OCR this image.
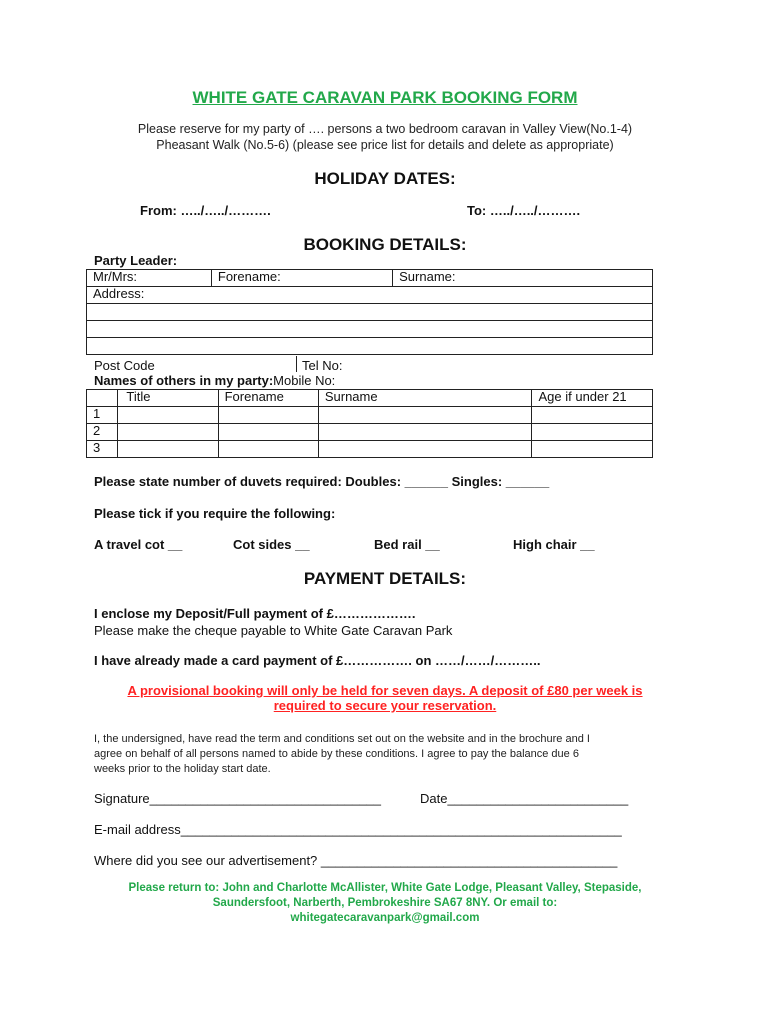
WHITE GATE CARAVAN PARK BOOKING FORM
Please reserve for my party of …. persons a two bedroom caravan in Valley View(No.1-4)
Pheasant Walk (No.5-6) (please see price list for details and delete as appropriate)
HOLIDAY DATES:
From: …../…../……….	To: …../…../……….
BOOKING DETAILS:
Party Leader:
Mr/Mrs:	Forename:	Surname:
Address:

Post Code	Tel No:
Names of others in my party:Mobile No:
	Title	Forename	Surname	Age if under 21
1				
2				
3				
Please state number of duvets required: Doubles: ______ Singles: ______
Please tick if you require the following:
A travel cot __	Cot sides __	Bed rail __	High chair __
PAYMENT DETAILS:
I enclose my Deposit/Full payment of £……………….
Please make the cheque payable to White Gate Caravan Park
I have already made a card payment of £……………. on ……/……/………..
A provisional booking will only be held for seven days. A deposit of £80 per week is
required to secure your reservation.
I, the undersigned, have read the term and conditions set out on the website and in the brochure and I
agree on behalf of all persons named to abide by these conditions. I agree to pay the balance due 6
weeks prior to the holiday start date.
Signature________________________________	Date_________________________
E-mail address_____________________________________________________________
Where did you see our advertisement? _________________________________________
Please return to: John and Charlotte McAllister, White Gate Lodge, Pleasant Valley, Stepaside,
Saundersfoot, Narberth, Pembrokeshire SA67 8NY. Or email to:
whitegatecaravanpark@gmail.com
